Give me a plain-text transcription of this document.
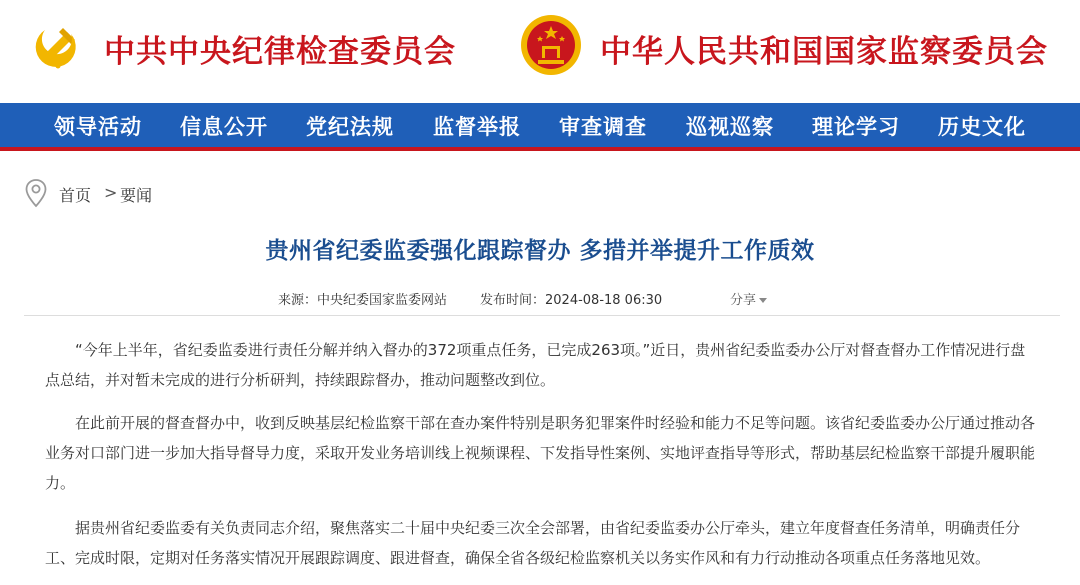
中共中央纪律检查委员会	中华人民共和国国家监察委员会
领导活动 信息公开 党纪法规 监督举报 审查调查 巡视巡察 理论学习 历史文化
首页 > 要闻
贵州省纪委监委强化跟踪督办 多措并举提升工作质效
来源：中央纪委国家监委网站	发布时间：2024-08-18 06:30	分享

“今年上半年，省纪委监委进行责任分解并纳入督办的372项重点任务，已完成263项。”近日，贵州省纪委监委办公厅对督查督办工作情况进行盘点总结，并对暂未完成的进行分析研判，持续跟踪督办，推动问题整改到位。

在此前开展的督查督办中，收到反映基层纪检监察干部在查办案件特别是职务犯罪案件时经验和能力不足等问题。该省纪委监委办公厅通过推动各业务对口部门进一步加大指导督导力度，采取开发业务培训线上视频课程、下发指导性案例、实地评查指导等形式，帮助基层纪检监察干部提升履职能力。

据贵州省纪委监委有关负责同志介绍，聚焦落实二十届中央纪委三次全会部署，由省纪委监委办公厅牵头，建立年度督查任务清单，明确责任分工、完成时限，定期对任务落实情况开展跟踪调度、跟进督查，确保全省各级纪检监察机关以务实作风和有力行动推动各项重点任务落地见效。
